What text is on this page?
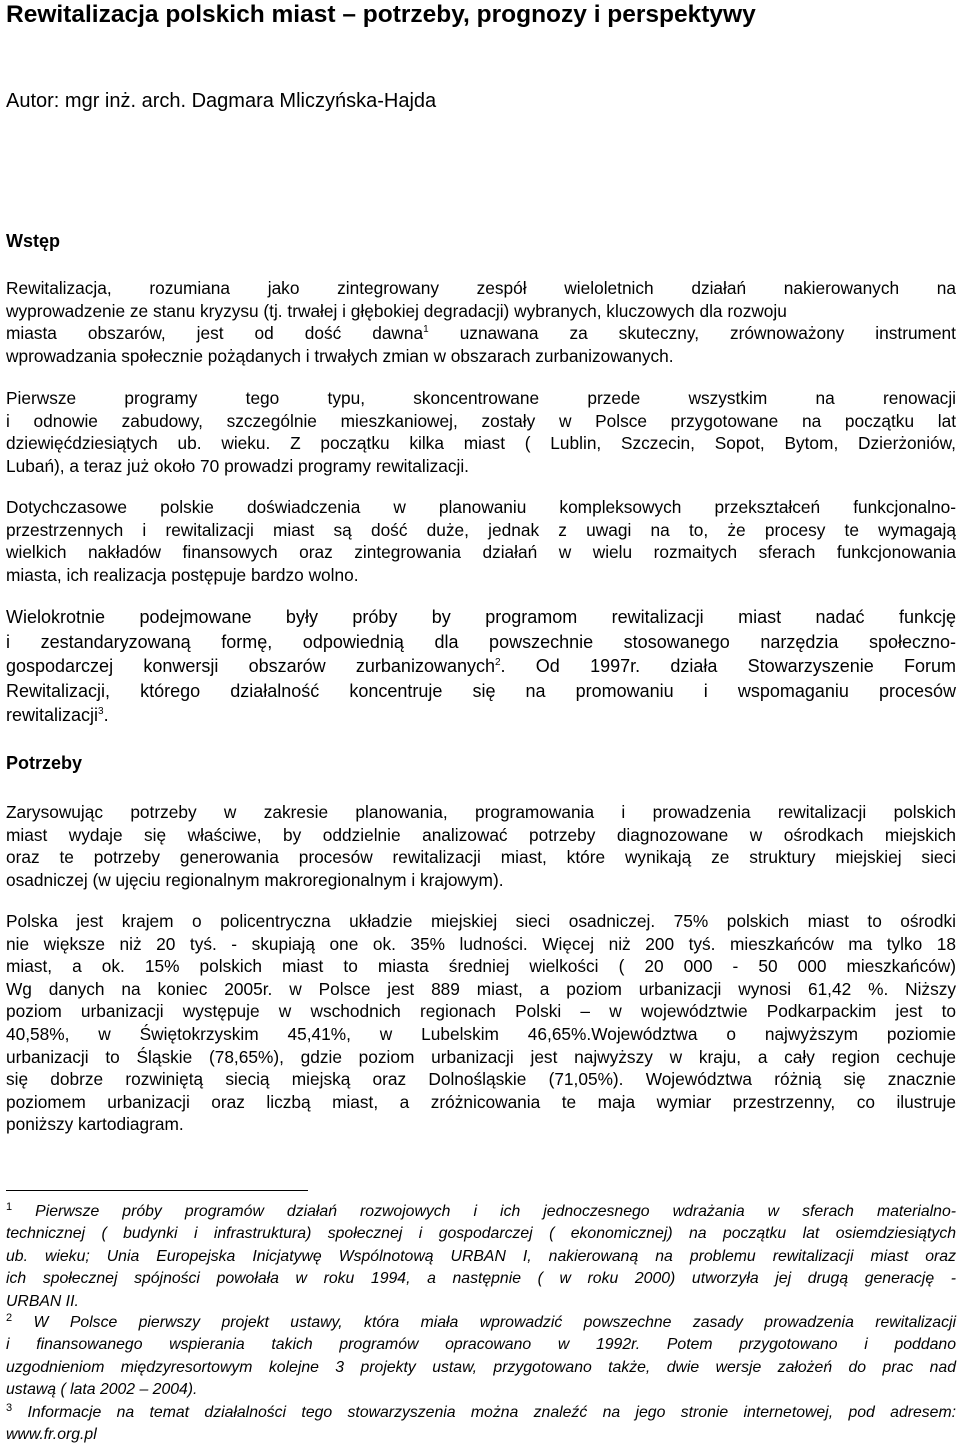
Rewitalizacja polskich miast – potrzeby, prognozy i perspektywy

Autor: mgr inż. arch. Dagmara Mliczyńska-Hajda

Wstęp
Rewitalizacja, rozumiana jako zintegrowany zespół wieloletnich działań nakierowanych na
wyprowadzenie ze stanu kryzysu (tj. trwałej i głębokiej degradacji) wybranych, kluczowych dla rozwoju
miasta obszarów, jest od dość dawna$^1$ uznawana za skuteczny, zrównoważony instrument
wprowadzania społecznie pożądanych i trwałych zmian w obszarach zurbanizowanych.
Pierwsze programy tego typu, skoncentrowane przede wszystkim na renowacji
i odnowie zabudowy, szczególnie mieszkaniowej, zostały w Polsce przygotowane na początku lat
dziewięćdziesiątych ub. wieku. Z początku kilka miast ( Lublin, Szczecin, Sopot, Bytom, Dzierżoniów,
Lubań), a teraz już około 70 prowadzi programy rewitalizacji.
Dotychczasowe polskie doświadczenia w planowaniu kompleksowych przekształceń funkcjonalno-
przestrzennych i rewitalizacji miast są dość duże, jednak z uwagi na to, że procesy te wymagają
wielkich nakładów finansowych oraz zintegrowania działań w wielu rozmaitych sferach funkcjonowania
miasta, ich realizacja postępuje bardzo wolno.
Wielokrotnie podejmowane były próby by programom rewitalizacji miast nadać funkcję
i zestandaryzowaną formę, odpowiednią dla powszechnie stosowanego narzędzia społeczno-
gospodarczej konwersji obszarów zurbanizowanych$^2$. Od 1997r. działa Stowarzyszenie Forum
Rewitalizacji, którego działalność koncentruje się na promowaniu i wspomaganiu procesów
rewitalizacji$^3$.
Potrzeby
Zarysowując potrzeby w zakresie planowania, programowania i prowadzenia rewitalizacji polskich
miast wydaje się właściwe, by oddzielnie analizować potrzeby diagnozowane w ośrodkach miejskich
oraz te potrzeby generowania procesów rewitalizacji miast, które wynikają ze struktury miejskiej sieci
osadniczej (w ujęciu regionalnym makroregionalnym i krajowym).
Polska jest krajem o policentryczna układzie miejskiej sieci osadniczej. 75% polskich miast to ośrodki
nie większe niż 20 tyś. - skupiają one ok. 35% ludności. Więcej niż 200 tyś. mieszkańców ma tylko 18
miast, a ok. 15% polskich miast to miasta średniej wielkości ( 20 000 - 50 000 mieszkańców)
Wg danych na koniec 2005r. w Polsce jest 889 miast, a poziom urbanizacji wynosi 61,42 %. Niższy
poziom urbanizacji występuje w wschodnich regionach Polski – w województwie Podkarpackim jest to
40,58%, w Świętokrzyskim 45,41%, w Lubelskim 46,65%.Województwa o najwyższym poziomie
urbanizacji to Śląskie (78,65%), gdzie poziom urbanizacji jest najwyższy w kraju, a cały region cechuje
się dobrze rozwiniętą siecią miejską oraz Dolnośląskie (71,05%). Województwa różnią się znacznie
poziomem urbanizacji oraz liczbą miast, a zróżnicowania te maja wymiar przestrzenny, co ilustruje
poniższy kartodiagram.
$^1$ Pierwsze próby programów działań rozwojowych i ich jednoczesnego wdrażania w sferach materialno-
technicznej ( budynki i infrastruktura) społecznej i gospodarczej ( ekonomicznej) na początku lat osiemdziesiątych
ub. wieku; Unia Europejska Inicjatywę Wspólnotową URBAN I, nakierowaną na problemu rewitalizacji miast oraz
ich społecznej spójności powołała w roku 1994, a następnie ( w roku 2000) utworzyła jej drugą generację -
URBAN II.
$^2$ W Polsce pierwszy projekt ustawy, która miała wprowadzić powszechne zasady prowadzenia rewitalizacji
i finansowanego wspierania takich programów opracowano w 1992r. Potem przygotowano i poddano
uzgodnieniom międzyresortowym kolejne 3 projekty ustaw, przygotowano także, dwie wersje założeń do prac nad
ustawą ( lata 2002 – 2004).
$^3$ Informacje na temat działalności tego stowarzyszenia można znaleźć na jego stronie internetowej, pod adresem:
www.fr.org.pl
